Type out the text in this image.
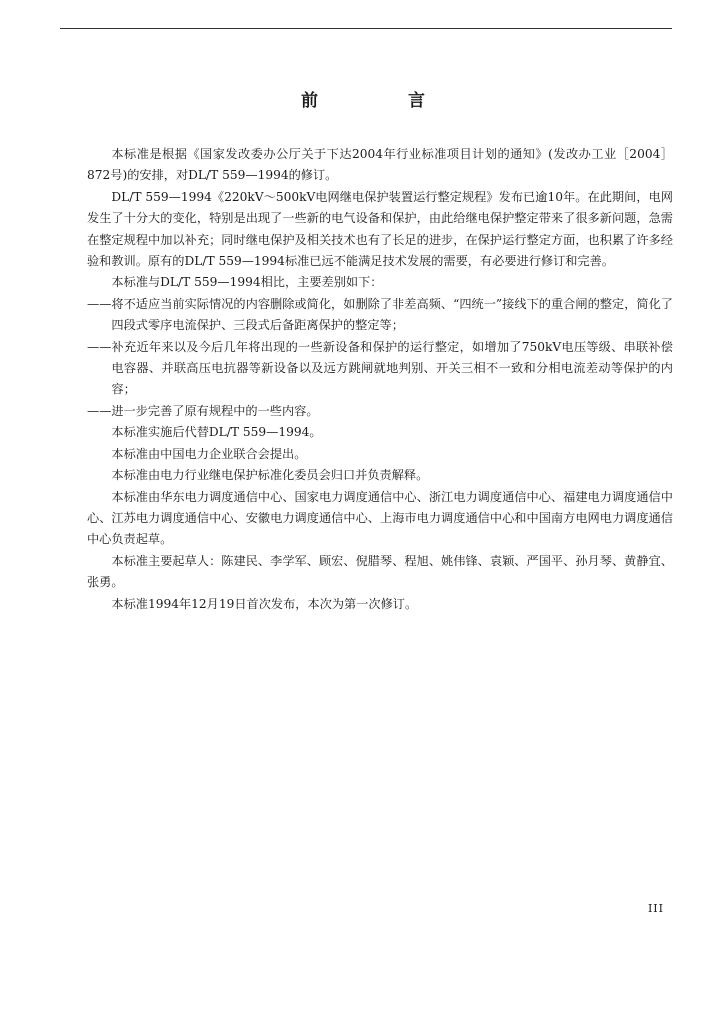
前 言

本标准是根据《国家发改委办公厅关于下达2004年行业标准项目计划的通知》(发改办工业［2004］872号)的安排，对DL/T 559—1994的修订。

DL/T 559—1994《220kV～500kV电网继电保护装置运行整定规程》发布已逾10年。在此期间，电网发生了十分大的变化，特别是出现了一些新的电气设备和保护，由此给继电保护整定带来了很多新问题，急需在整定规程中加以补充；同时继电保护及相关技术也有了长足的进步，在保护运行整定方面，也积累了许多经验和教训。原有的DL/T 559—1994标准已远不能满足技术发展的需要，有必要进行修订和完善。

本标准与DL/T 559—1994相比，主要差别如下：

——将不适应当前实际情况的内容删除或简化，如删除了非差高频、“四统一”接线下的重合闸的整定，简化了四段式零序电流保护、三段式后备距离保护的整定等；

——补充近年来以及今后几年将出现的一些新设备和保护的运行整定，如增加了750kV电压等级、串联补偿电容器、并联高压电抗器等新设备以及远方跳闸就地判别、开关三相不一致和分相电流差动等保护的内容；

——进一步完善了原有规程中的一些内容。

本标准实施后代替DL/T 559—1994。

本标准由中国电力企业联合会提出。

本标准由电力行业继电保护标准化委员会归口并负责解释。

本标准由华东电力调度通信中心、国家电力调度通信中心、浙江电力调度通信中心、福建电力调度通信中心、江苏电力调度通信中心、安徽电力调度通信中心、上海市电力调度通信中心和中国南方电网电力调度通信中心负责起草。

本标准主要起草人：陈建民、李学军、顾宏、倪腊琴、程旭、姚伟锋、袁颖、严国平、孙月琴、黄静宜、张勇。

本标准1994年12月19日首次发布，本次为第一次修订。

III
